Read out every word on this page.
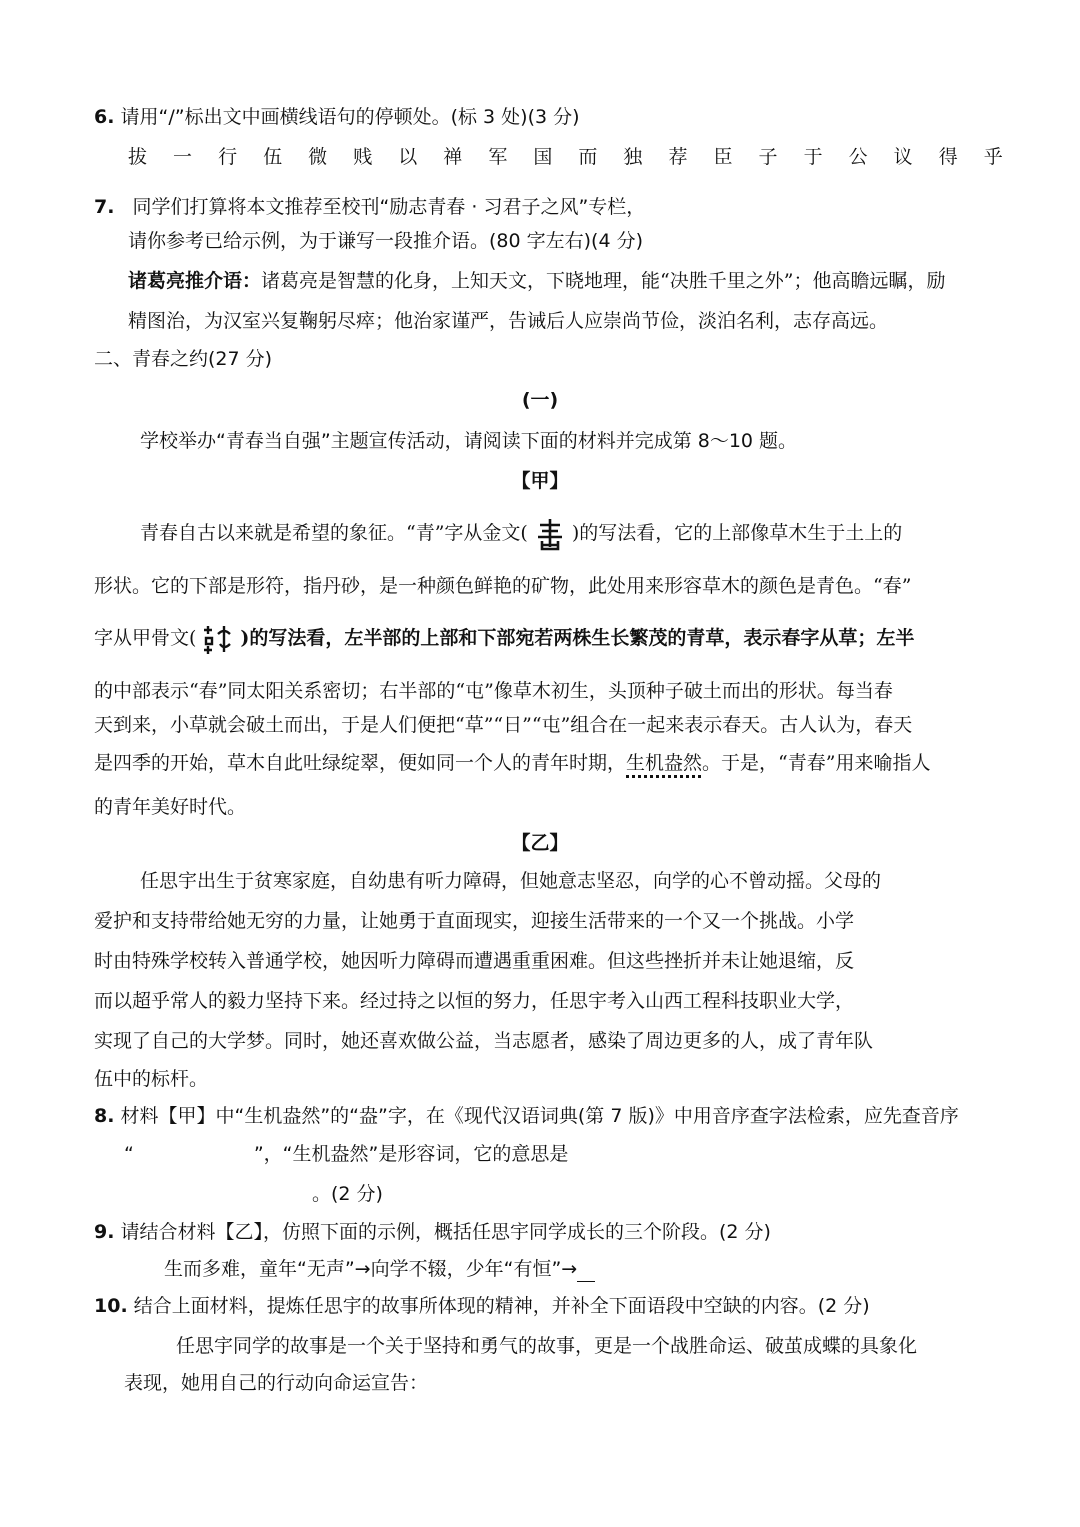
6. 请用“/”标出文中画横线语句的停顿处。(标 3 处)(3 分)
拔 一 行 伍 微 贱 以 禅 军 国 而 独 荐 臣 子 于 公 议 得 乎
7. 同学们打算将本文推荐至校刊“励志青春 · 习君子之风”专栏，
请你参考已给示例，为于谦写一段推介语。(80 字左右)(4 分)
诸葛亮推介语：诸葛亮是智慧的化身，上知天文，下晓地理，能“决胜千里之外”；他高瞻远瞩，励
精图治，为汉室兴复鞠躬尽瘁；他治家谨严，告诫后人应崇尚节俭，淡泊名利，志存高远。
二、青春之约(27 分)
(一)
学校举办“青春当自强”主题宣传活动，请阅读下面的材料并完成第 8～10 题。
【甲】
青春自古以来就是希望的象征。“青”字从金文( )的写法看，它的上部像草木生于土上的
形状。它的下部是形符，指丹砂，是一种颜色鲜艳的矿物，此处用来形容草木的颜色是青色。“春”
字从甲骨文( )的写法看，左半部的上部和下部宛若两株生长繁茂的青草，表示春字从草；左半
的中部表示“春”同太阳关系密切；右半部的“屯”像草木初生，头顶种子破土而出的形状。每当春
天到来，小草就会破土而出，于是人们便把“草”“日”“屯”组合在一起来表示春天。古人认为，春天
是四季的开始，草木自此吐绿绽翠，便如同一个人的青年时期，生机盎然。于是，“青春”用来喻指人
的青年美好时代。
【乙】
任思宇出生于贫寒家庭，自幼患有听力障碍，但她意志坚忍，向学的心不曾动摇。父母的
爱护和支持带给她无穷的力量，让她勇于直面现实，迎接生活带来的一个又一个挑战。小学
时由特殊学校转入普通学校，她因听力障碍而遭遇重重困难。但这些挫折并未让她退缩，反
而以超乎常人的毅力坚持下来。经过持之以恒的努力，任思宇考入山西工程科技职业大学，
实现了自己的大学梦。同时，她还喜欢做公益，当志愿者，感染了周边更多的人，成了青年队
伍中的标杆。
8. 材料【甲】中“生机盎然”的“盎”字，在《现代汉语词典(第 7 版)》中用音序查字法检索，应先查音序
“	”，“生机盎然”是形容词，它的意思是
。(2 分)
9. 请结合材料【乙】，仿照下面的示例，概括任思宇同学成长的三个阶段。(2 分)
生而多难，童年“无声”→向学不辍，少年“有恒”→
10. 结合上面材料，提炼任思宇的故事所体现的精神，并补全下面语段中空缺的内容。(2 分)
任思宇同学的故事是一个关于坚持和勇气的故事，更是一个战胜命运、破茧成蝶的具象化
表现，她用自己的行动向命运宣告：
